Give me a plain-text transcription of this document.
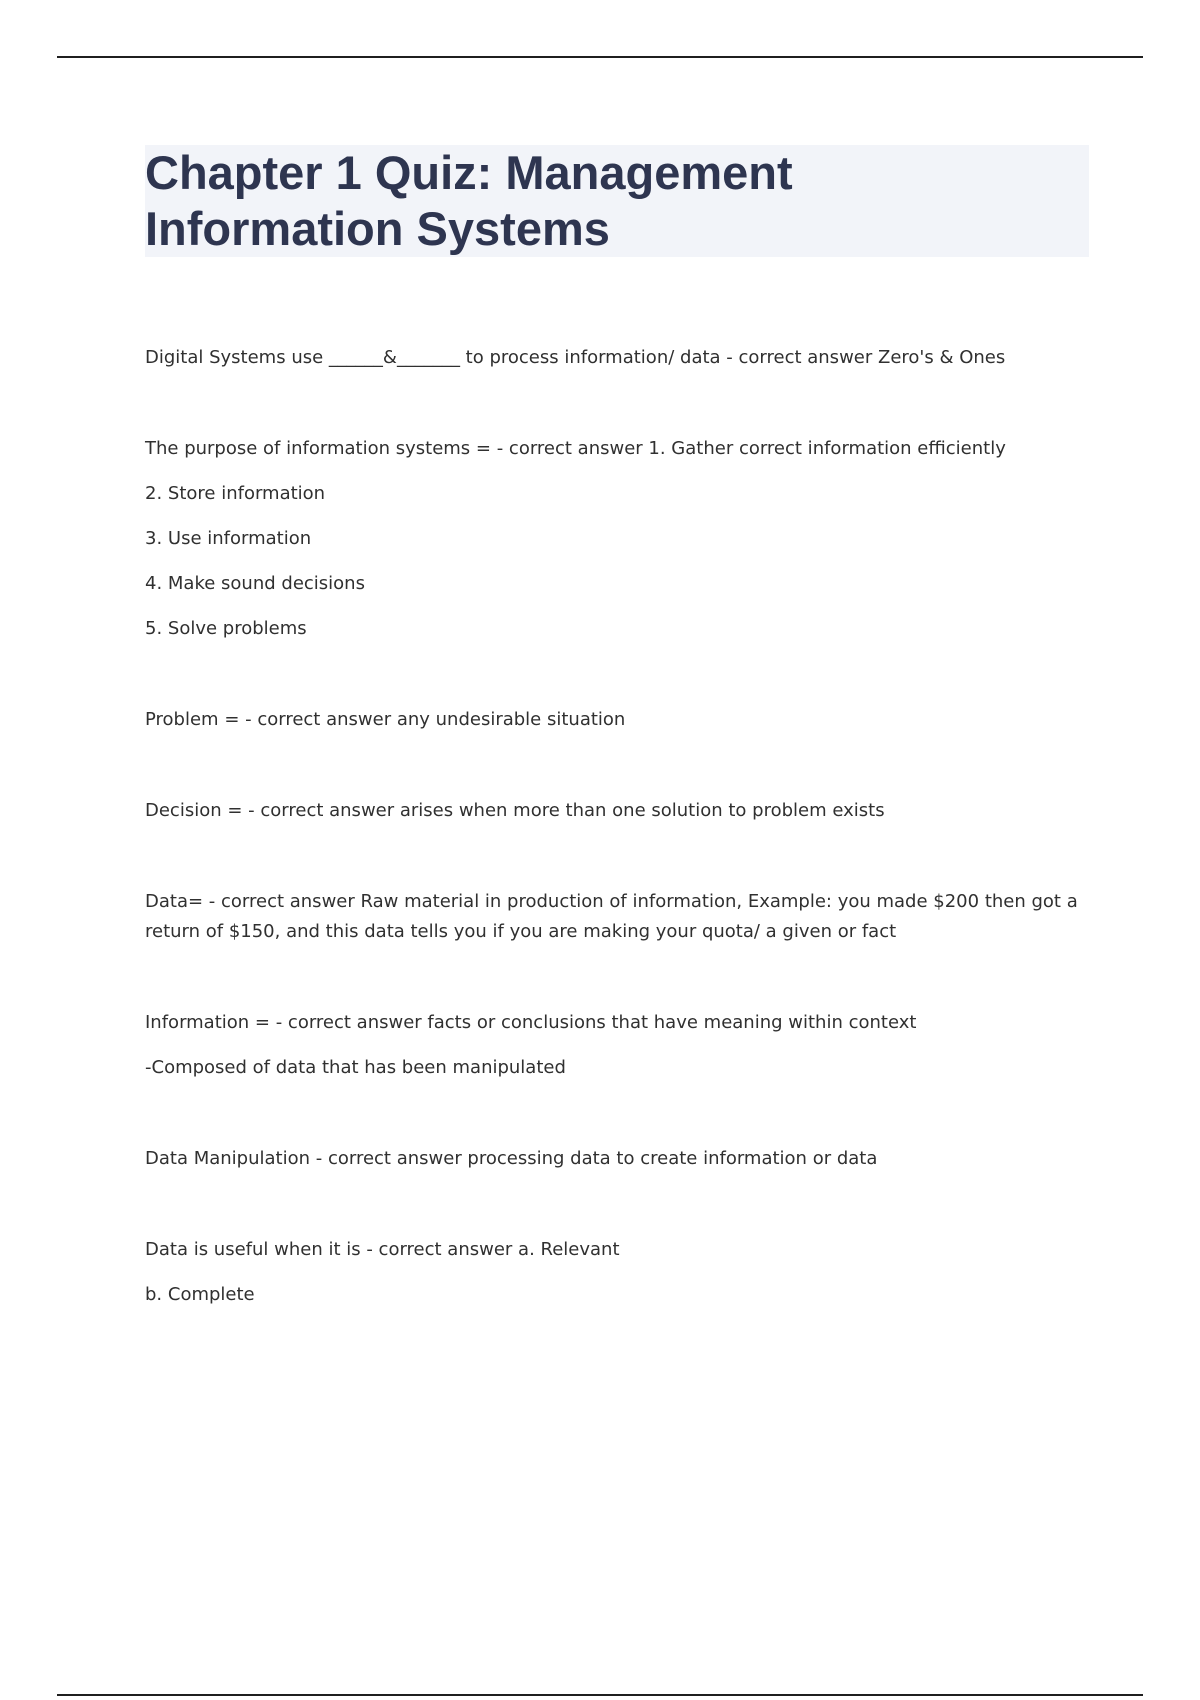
Chapter 1 Quiz: Management
Information Systems

Digital Systems use ______&_______ to process information/ data - correct answer Zero's & Ones

The purpose of information systems = - correct answer 1. Gather correct information efficiently

2. Store information

3. Use information

4. Make sound decisions

5. Solve problems

Problem = - correct answer any undesirable situation

Decision = - correct answer arises when more than one solution to problem exists

Data= - correct answer Raw material in production of information, Example: you made $200 then got a

return of $150, and this data tells you if you are making your quota/ a given or fact

Information = - correct answer facts or conclusions that have meaning within context

-Composed of data that has been manipulated

Data Manipulation - correct answer processing data to create information or data

Data is useful when it is - correct answer a. Relevant

b. Complete
